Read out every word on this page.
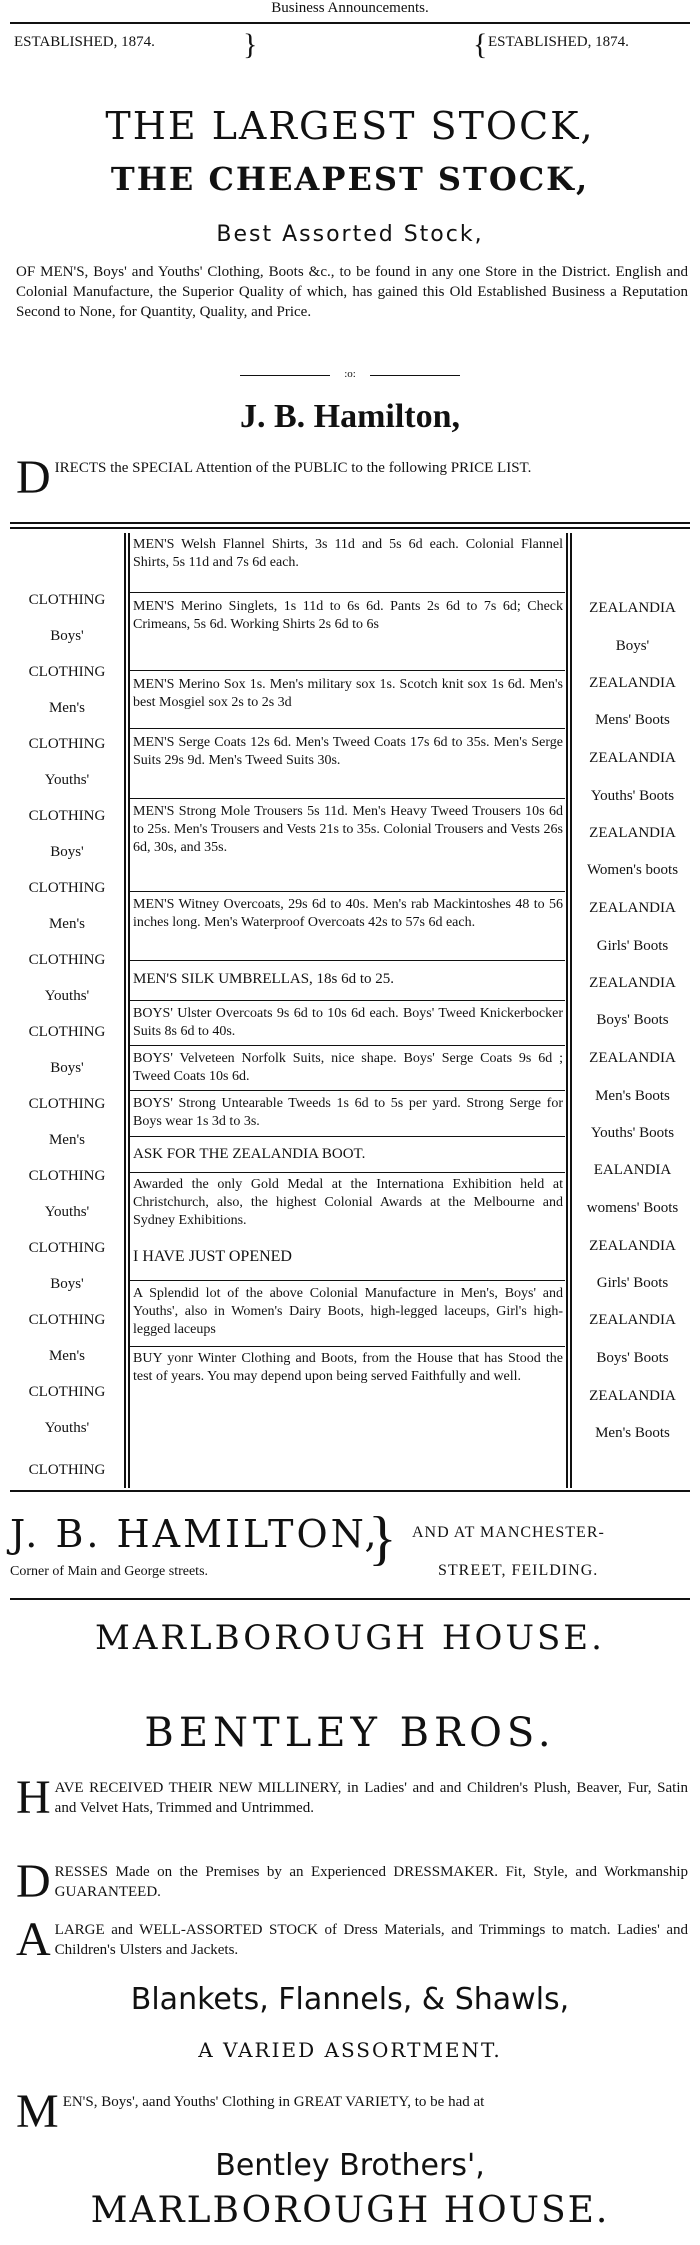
Business Announcements.
ESTABLISHED, 1874.	}	{ ESTABLISHED, 1874.
THE LARGEST STOCK,
THE CHEAPEST STOCK,
Best Assorted Stock,
OF MEN'S, Boys' and Youths' Clothing, Boots &c., to be found in any one Store in the District. English and Colonial Manufacture, the Superior Quality of which, has gained this Old Established Business a Reputation Second to None, for Quantity, Quality, and Price.
:o:
J. B. Hamilton,
D IRECTS the SPECIAL Attention of the PUBLIC to the following PRICE LIST.
CLOTHING
Boys'
CLOTHING
Men's
CLOTHING
Youths'
CLOTHING
Boys'
CLOTHING
Men's
CLOTHING
Youths'
CLOTHING
Boys'
CLOTHING
Men's
CLOTHING
Youths'
CLOTHING
Boys'
CLOTHING
Men's
CLOTHING
Youths'
CLOTHING
ZEALANDIA
Boys'
ZEALANDIA
Mens' Boots
ZEALANDIA
Youths' Boots
ZEALANDIA
Women's boots
ZEALANDIA
Girls' Boots
ZEALANDIA
Boys' Boots
ZEALANDIA
Men's Boots
Youths' Boots
EALANDIA
womens' Boots
ZEALANDIA
Girls' Boots
ZEALANDIA
Boys' Boots
ZEALANDIA
Men's Boots
MEN'S Welsh Flannel Shirts, 3s 11d and 5s 6d each. Colonial Flannel Shirts, 5s 11d and 7s 6d each.
MEN'S Merino Singlets, 1s 11d to 6s 6d. Pants 2s 6d to 7s 6d; Check Crimeans, 5s 6d. Working Shirts 2s 6d to 6s
MEN'S Merino Sox 1s. Men's military sox 1s. Scotch knit sox 1s 6d. Men's best Mosgiel sox 2s to 2s 3d
MEN'S Serge Coats 12s 6d. Men's Tweed Coats 17s 6d to 35s. Men's Serge Suits 29s 9d. Men's Tweed Suits 30s.
MEN'S Strong Mole Trousers 5s 11d. Men's Heavy Tweed Trousers 10s 6d to 25s. Men's Trousers and Vests 21s to 35s. Colonial Trousers and Vests 26s 6d, 30s, and 35s.
MEN'S Witney Overcoats, 29s 6d to 40s. Men's rab Mackintoshes 48 to 56 inches long. Men's Waterproof Overcoats 42s to 57s 6d each.
MEN'S SILK UMBRELLAS, 18s 6d to 25.
BOYS' Ulster Overcoats 9s 6d to 10s 6d each. Boys' Tweed Knickerbocker Suits 8s 6d to 40s.
BOYS' Velveteen Norfolk Suits, nice shape. Boys' Serge Coats 9s 6d ; Tweed Coats 10s 6d.
BOYS' Strong Untearable Tweeds 1s 6d to 5s per yard. Strong Serge for Boys wear 1s 3d to 3s.
ASK FOR THE ZEALANDIA BOOT.
Awarded the only Gold Medal at the Internationa Exhibition held at Christchurch, also, the highest Colonial Awards at the Melbourne and Sydney Exhibitions.
I HAVE JUST OPENED
A Splendid lot of the above Colonial Manufacture in Men's, Boys' and Youths', also in Women's Dairy Boots, high-legged laceups, Girl's high-legged laceups
BUY yonr Winter Clothing and Boots, from the House that has Stood the test of years. You may depend upon being served Faithfully and well.
J. B. HAMILTON,
Corner of Main and George streets.
} AND AT MANCHESTER-
STREET, FEILDING.
MARLBOROUGH HOUSE.
BENTLEY BROS.
H AVE RECEIVED THEIR NEW MILLINERY, in Ladies' and and Children's Plush, Beaver, Fur, Satin and Velvet Hats, Trimmed and Untrimmed.
D RESSES Made on the Premises by an Experienced DRESSMAKER. Fit, Style, and Workmanship GUARANTEED.
A LARGE and WELL-ASSORTED STOCK of Dress Materials, and Trimmings to match. Ladies' and Children's Ulsters and Jackets.
Blankets, Flannels, & Shawls,
A VARIED ASSORTMENT.
M EN'S, Boys', aand Youths' Clothing in GREAT VARIETY, to be had at
Bentley Brothers',
MARLBOROUGH HOUSE.
